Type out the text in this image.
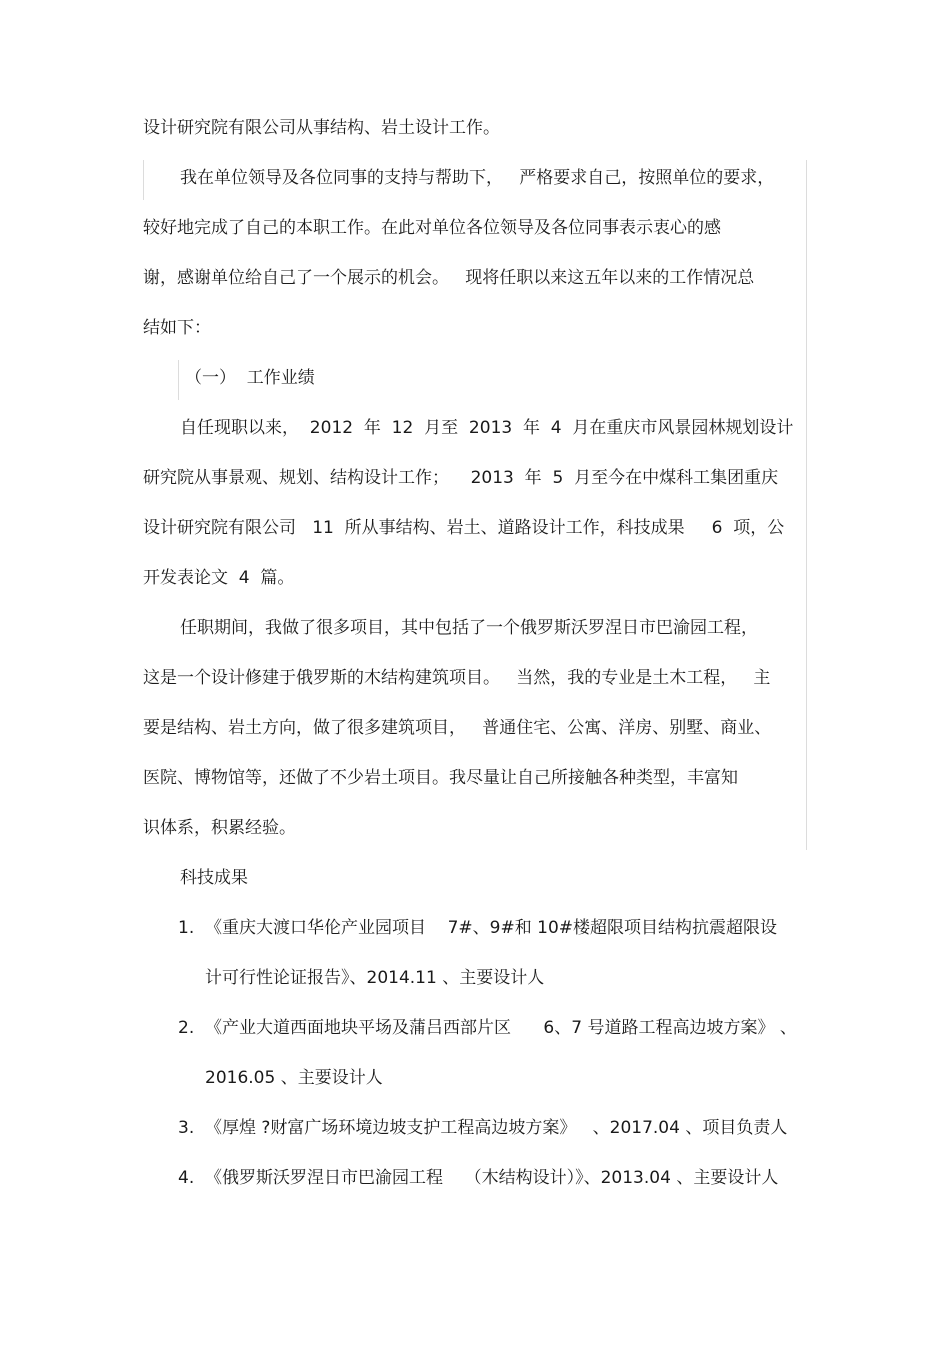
设计研究院有限公司从事结构、岩土设计工作。
我在单位领导及各位同事的支持与帮助下，   严格要求自己，按照单位的要求，
较好地完成了自己的本职工作。在此对单位各位领导及各位同事表示衷心的感
谢，感谢单位给自己了一个展示的机会。   现将任职以来这五年以来的工作情况总
结如下：
（一）  工作业绩
自任现职以来，  2012  年  12  月至  2013  年  4  月在重庆市风景园林规划设计
研究院从事景观、规划、结构设计工作；    2013  年  5  月至今在中煤科工集团重庆
设计研究院有限公司   11  所从事结构、岩土、道路设计工作，科技成果     6  项，公
开发表论文  4  篇。
任职期间，我做了很多项目，其中包括了一个俄罗斯沃罗涅日市巴渝园工程，
这是一个设计修建于俄罗斯的木结构建筑项目。   当然，我的专业是土木工程，   主
要是结构、岩土方向，做了很多建筑项目，   普通住宅、公寓、洋房、别墅、商业、
医院、博物馆等，还做了不少岩土项目。我尽量让自己所接触各种类型，丰富知
识体系，积累经验。
科技成果
1. 《重庆大渡口华伦产业园项目    7#、9#和 10#楼超限项目结构抗震超限设
计可行性论证报告》、2014.11 、主要设计人
2. 《产业大道西面地块平场及蒲吕西部片区      6、7 号道路工程高边坡方案》 、
2016.05 、主要设计人
3. 《厚煌 ?财富广场环境边坡支护工程高边坡方案》   、2017.04 、项目负责人
4. 《俄罗斯沃罗涅日市巴渝园工程    （木结构设计）》、2013.04 、主要设计人
